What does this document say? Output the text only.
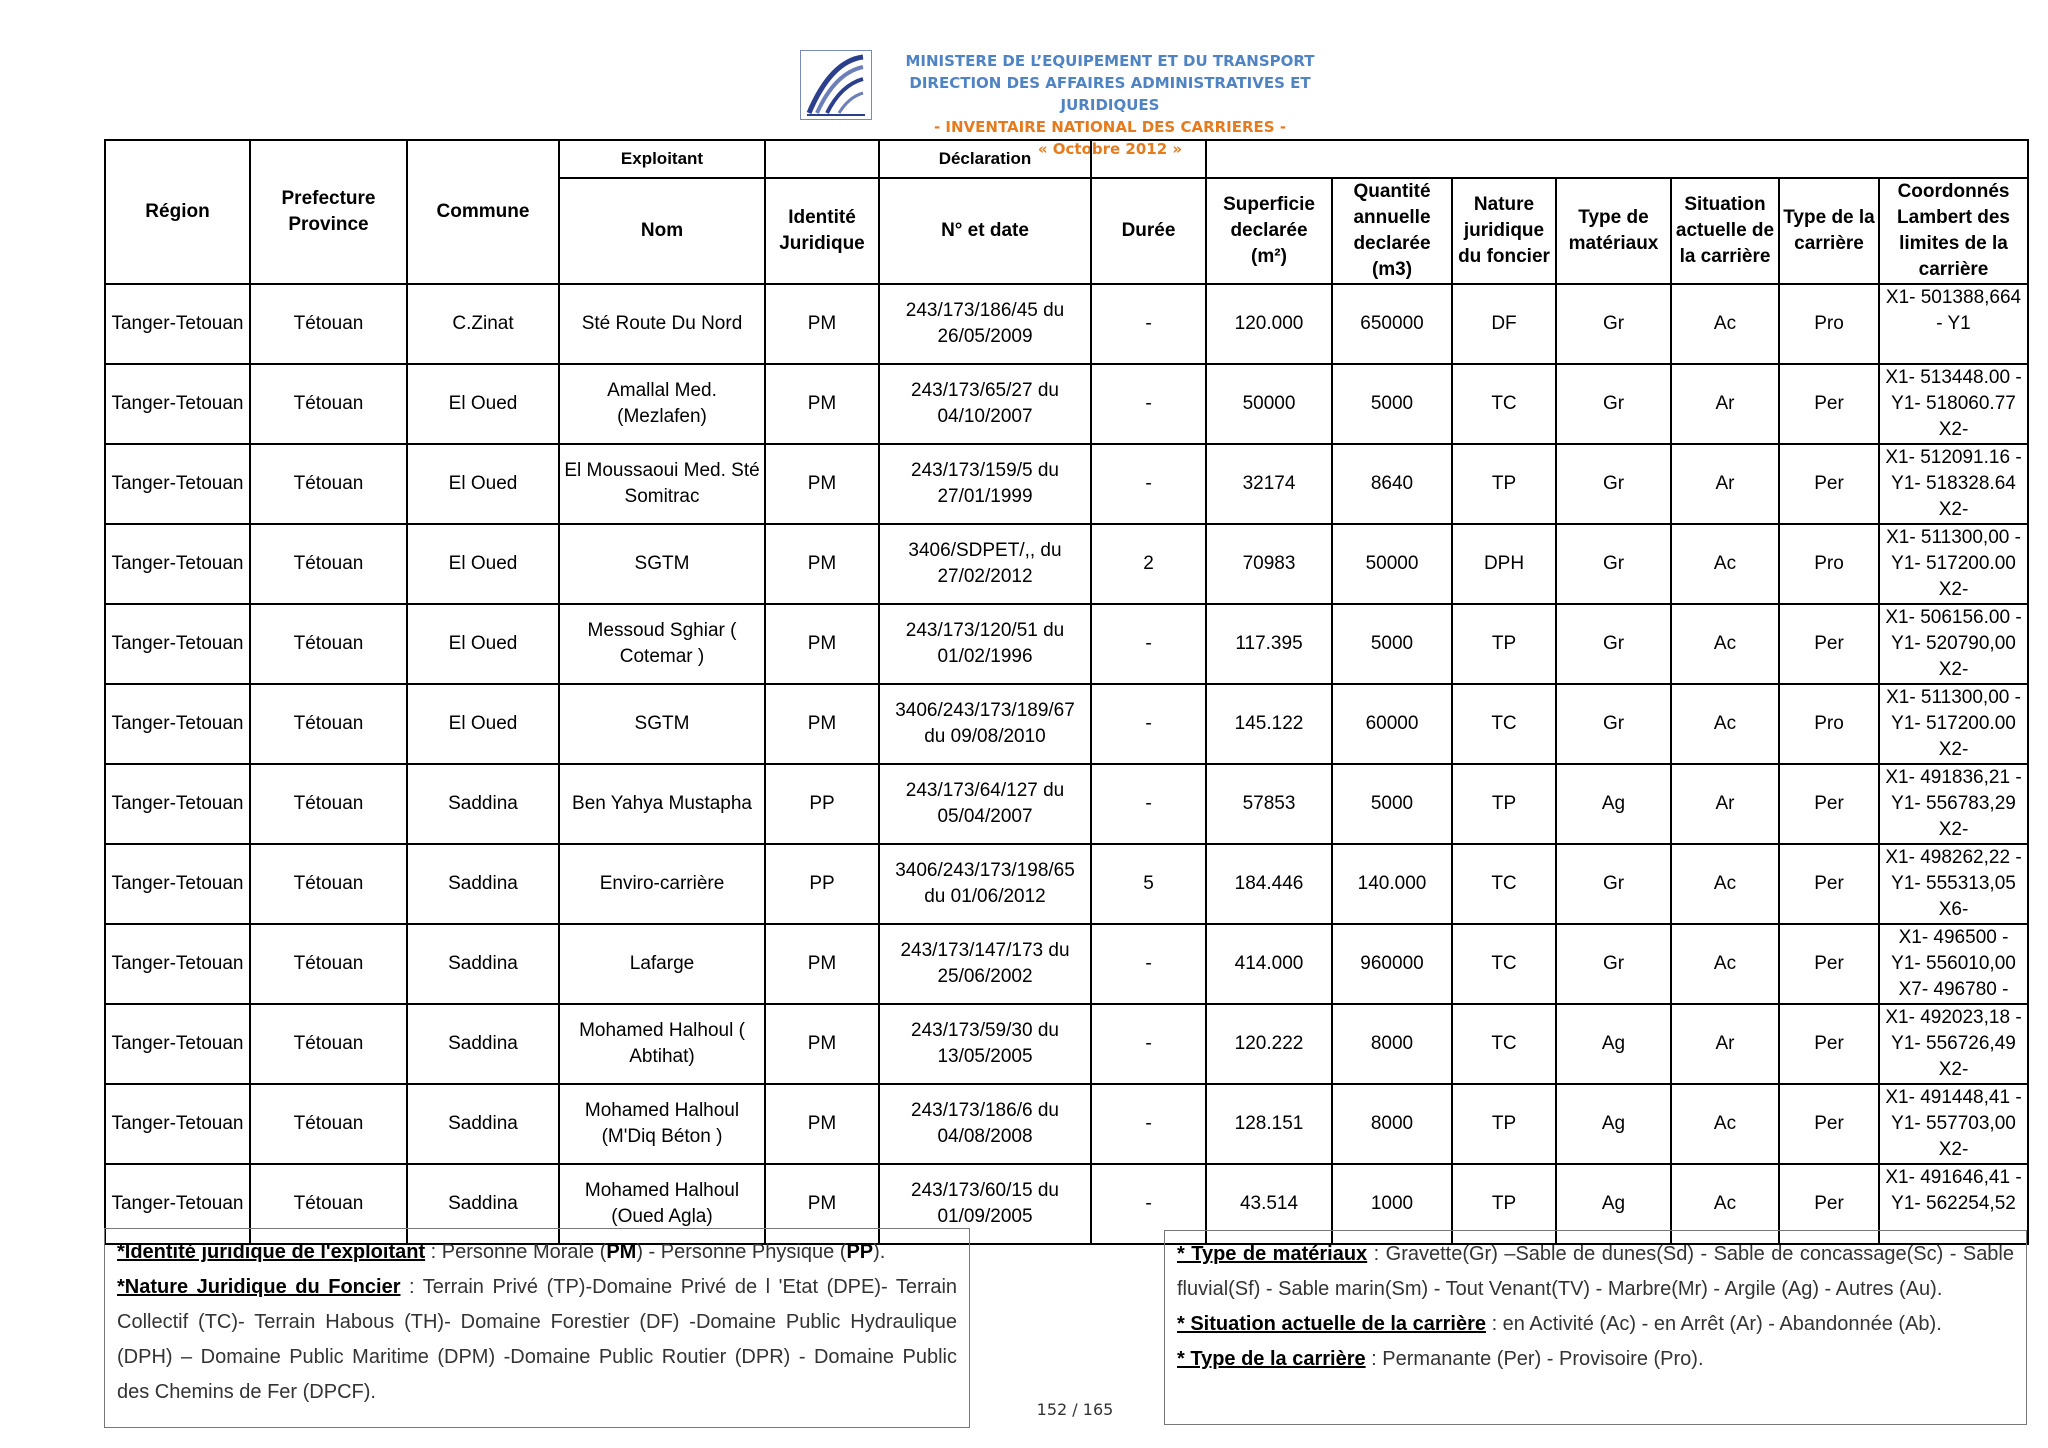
MINISTERE DE L’EQUIPEMENT ET DU TRANSPORT
DIRECTION DES AFFAIRES ADMINISTRATIVES ET JURIDIQUES
- INVENTAIRE NATIONAL DES CARRIERES -
« Octobre 2012 »
Région	Prefecture Province	Commune	Exploitant		Déclaration								
			Nom	Identité Juridique	N° et date	Durée	Superficie declarée (m²)	Quantité annuelle declarée (m3)	Nature juridique du foncier	Type de matériaux	Situation actuelle de la carrière	Type de la carrière	Coordonnés Lambert des limites de la carrière
Tanger-Tetouan	Tétouan	C.Zinat	Sté Route Du Nord	PM	243/173/186/45 du 26/05/2009	-	120.000	650000	DF	Gr	Ac	Pro	X1- 501388,664 - Y1

Tanger-Tetouan	Tétouan	El Oued	Amallal Med. (Mezlafen)	PM	243/173/65/27 du 04/10/2007	-	50000	5000	TC	Gr	Ar	Per	X1- 513448.00 - Y1- 518060.77 X2-

Tanger-Tetouan	Tétouan	El Oued	El Moussaoui Med. Sté Somitrac	PM	243/173/159/5 du 27/01/1999	-	32174	8640	TP	Gr	Ar	Per	X1- 512091.16 - Y1- 518328.64 X2-

Tanger-Tetouan	Tétouan	El Oued	SGTM	PM	3406/SDPET/,, du 27/02/2012	2	70983	50000	DPH	Gr	Ac	Pro	X1- 511300,00 - Y1- 517200.00 X2-

Tanger-Tetouan	Tétouan	El Oued	Messoud Sghiar ( Cotemar )	PM	243/173/120/51 du 01/02/1996	-	117.395	5000	TP	Gr	Ac	Per	X1- 506156.00 - Y1- 520790,00 X2-

Tanger-Tetouan	Tétouan	El Oued	SGTM	PM	3406/243/173/189/67 du 09/08/2010	-	145.122	60000	TC	Gr	Ac	Pro	X1- 511300,00 - Y1- 517200.00 X2-

Tanger-Tetouan	Tétouan	Saddina	Ben Yahya Mustapha	PP	243/173/64/127 du 05/04/2007	-	57853	5000	TP	Ag	Ar	Per	X1- 491836,21 - Y1- 556783,29 X2-

Tanger-Tetouan	Tétouan	Saddina	Enviro-carrière	PP	3406/243/173/198/65 du 01/06/2012	5	184.446	140.000	TC	Gr	Ac	Per	X1- 498262,22 - Y1- 555313,05 X6-

Tanger-Tetouan	Tétouan	Saddina	Lafarge	PM	243/173/147/173 du 25/06/2002	-	414.000	960000	TC	Gr	Ac	Per	X1- 496500 - Y1- 556010,00 X7- 496780 -

Tanger-Tetouan	Tétouan	Saddina	Mohamed Halhoul ( Abtihat)	PM	243/173/59/30 du 13/05/2005	-	120.222	8000	TC	Ag	Ar	Per	X1- 492023,18 - Y1- 556726,49 X2-

Tanger-Tetouan	Tétouan	Saddina	Mohamed Halhoul (M'Diq Béton )	PM	243/173/186/6 du 04/08/2008	-	128.151	8000	TP	Ag	Ac	Per	X1- 491448,41 - Y1- 557703,00 X2-

Tanger-Tetouan	Tétouan	Saddina	Mohamed Halhoul (Oued Agla)	PM	243/173/60/15 du 01/09/2005	-	43.514	1000	TP	Ag	Ac	Per	X1- 491646,41 - Y1- 562254,52
*Identité juridique de l'exploitant : Personne Morale (PM) - Personne Physique (PP).
*Nature Juridique du Foncier : Terrain Privé (TP)-Domaine Privé de l 'Etat (DPE)- Terrain Collectif (TC)- Terrain Habous (TH)- Domaine Forestier (DF) -Domaine Public Hydraulique (DPH) – Domaine Public Maritime (DPM) -Domaine Public Routier (DPR) - Domaine Public des Chemins de Fer (DPCF).
* Type de matériaux : Gravette(Gr) –Sable de dunes(Sd) - Sable de concassage(Sc) - Sable fluvial(Sf) - Sable marin(Sm) - Tout Venant(TV) - Marbre(Mr) - Argile (Ag) - Autres (Au).
* Situation actuelle de la carrière : en Activité (Ac) - en Arrêt (Ar) - Abandonnée (Ab).
* Type de la carrière : Permanante (Per) - Provisoire (Pro).
152 / 165
